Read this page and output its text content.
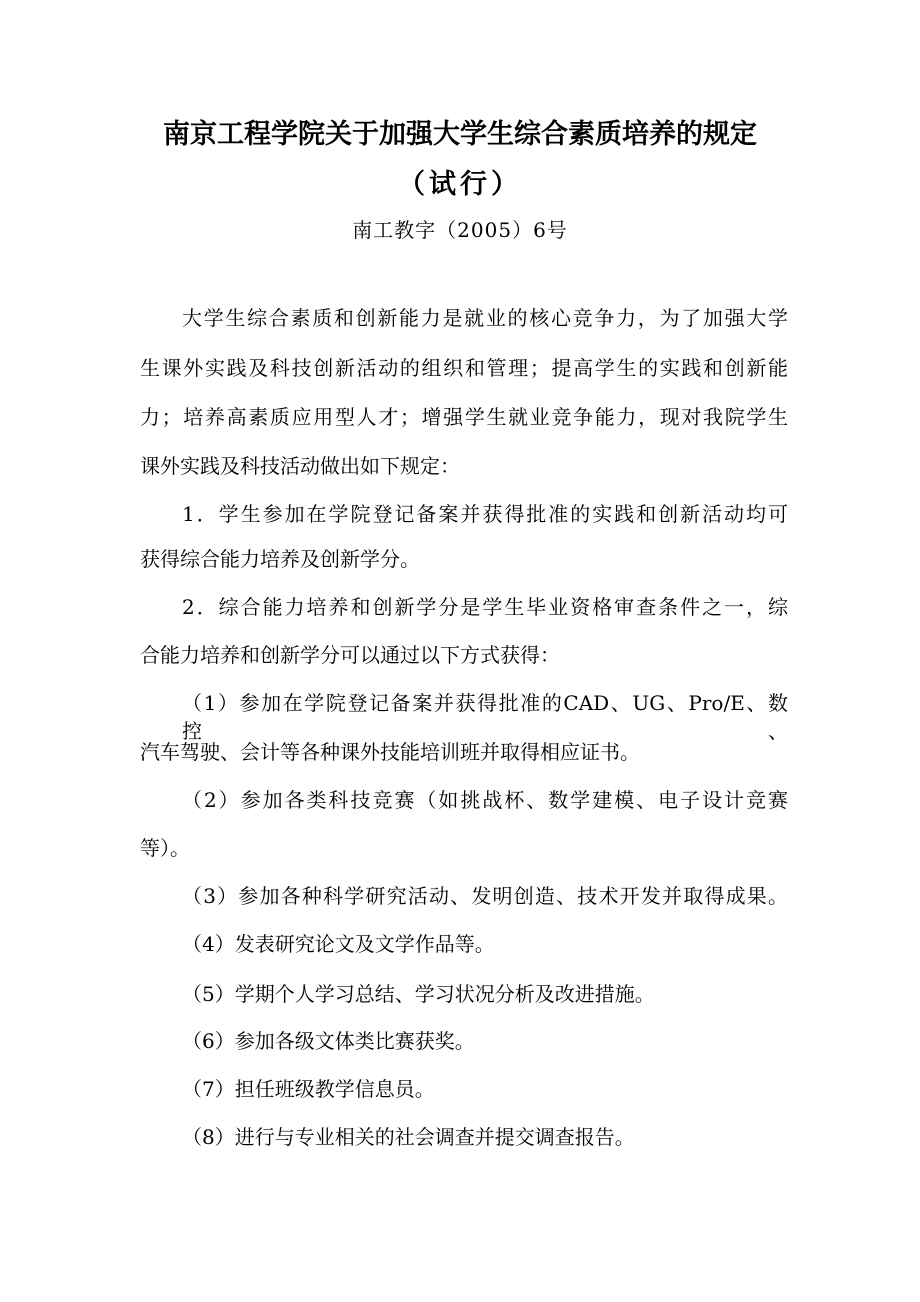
南京工程学院关于加强大学生综合素质培养的规定
（试行）
南工教字（2005）6号
大学生综合素质和创新能力是就业的核心竞争力，为了加强大学
生课外实践及科技创新活动的组织和管理；提高学生的实践和创新能
力；培养高素质应用型人才；增强学生就业竞争能力，现对我院学生
课外实践及科技活动做出如下规定：
1．学生参加在学院登记备案并获得批准的实践和创新活动均可
获得综合能力培养及创新学分。
2．综合能力培养和创新学分是学生毕业资格审查条件之一，综
合能力培养和创新学分可以通过以下方式获得：
（1）参加在学院登记备案并获得批准的CAD、UG、Pro/E、数控、
汽车驾驶、会计等各种课外技能培训班并取得相应证书。
（2）参加各类科技竞赛（如挑战杯、数学建模、电子设计竞赛
等）。
（3）参加各种科学研究活动、发明创造、技术开发并取得成果。
（4）发表研究论文及文学作品等。
（5）学期个人学习总结、学习状况分析及改进措施。
（6）参加各级文体类比赛获奖。
（7）担任班级教学信息员。
（8）进行与专业相关的社会调查并提交调查报告。
